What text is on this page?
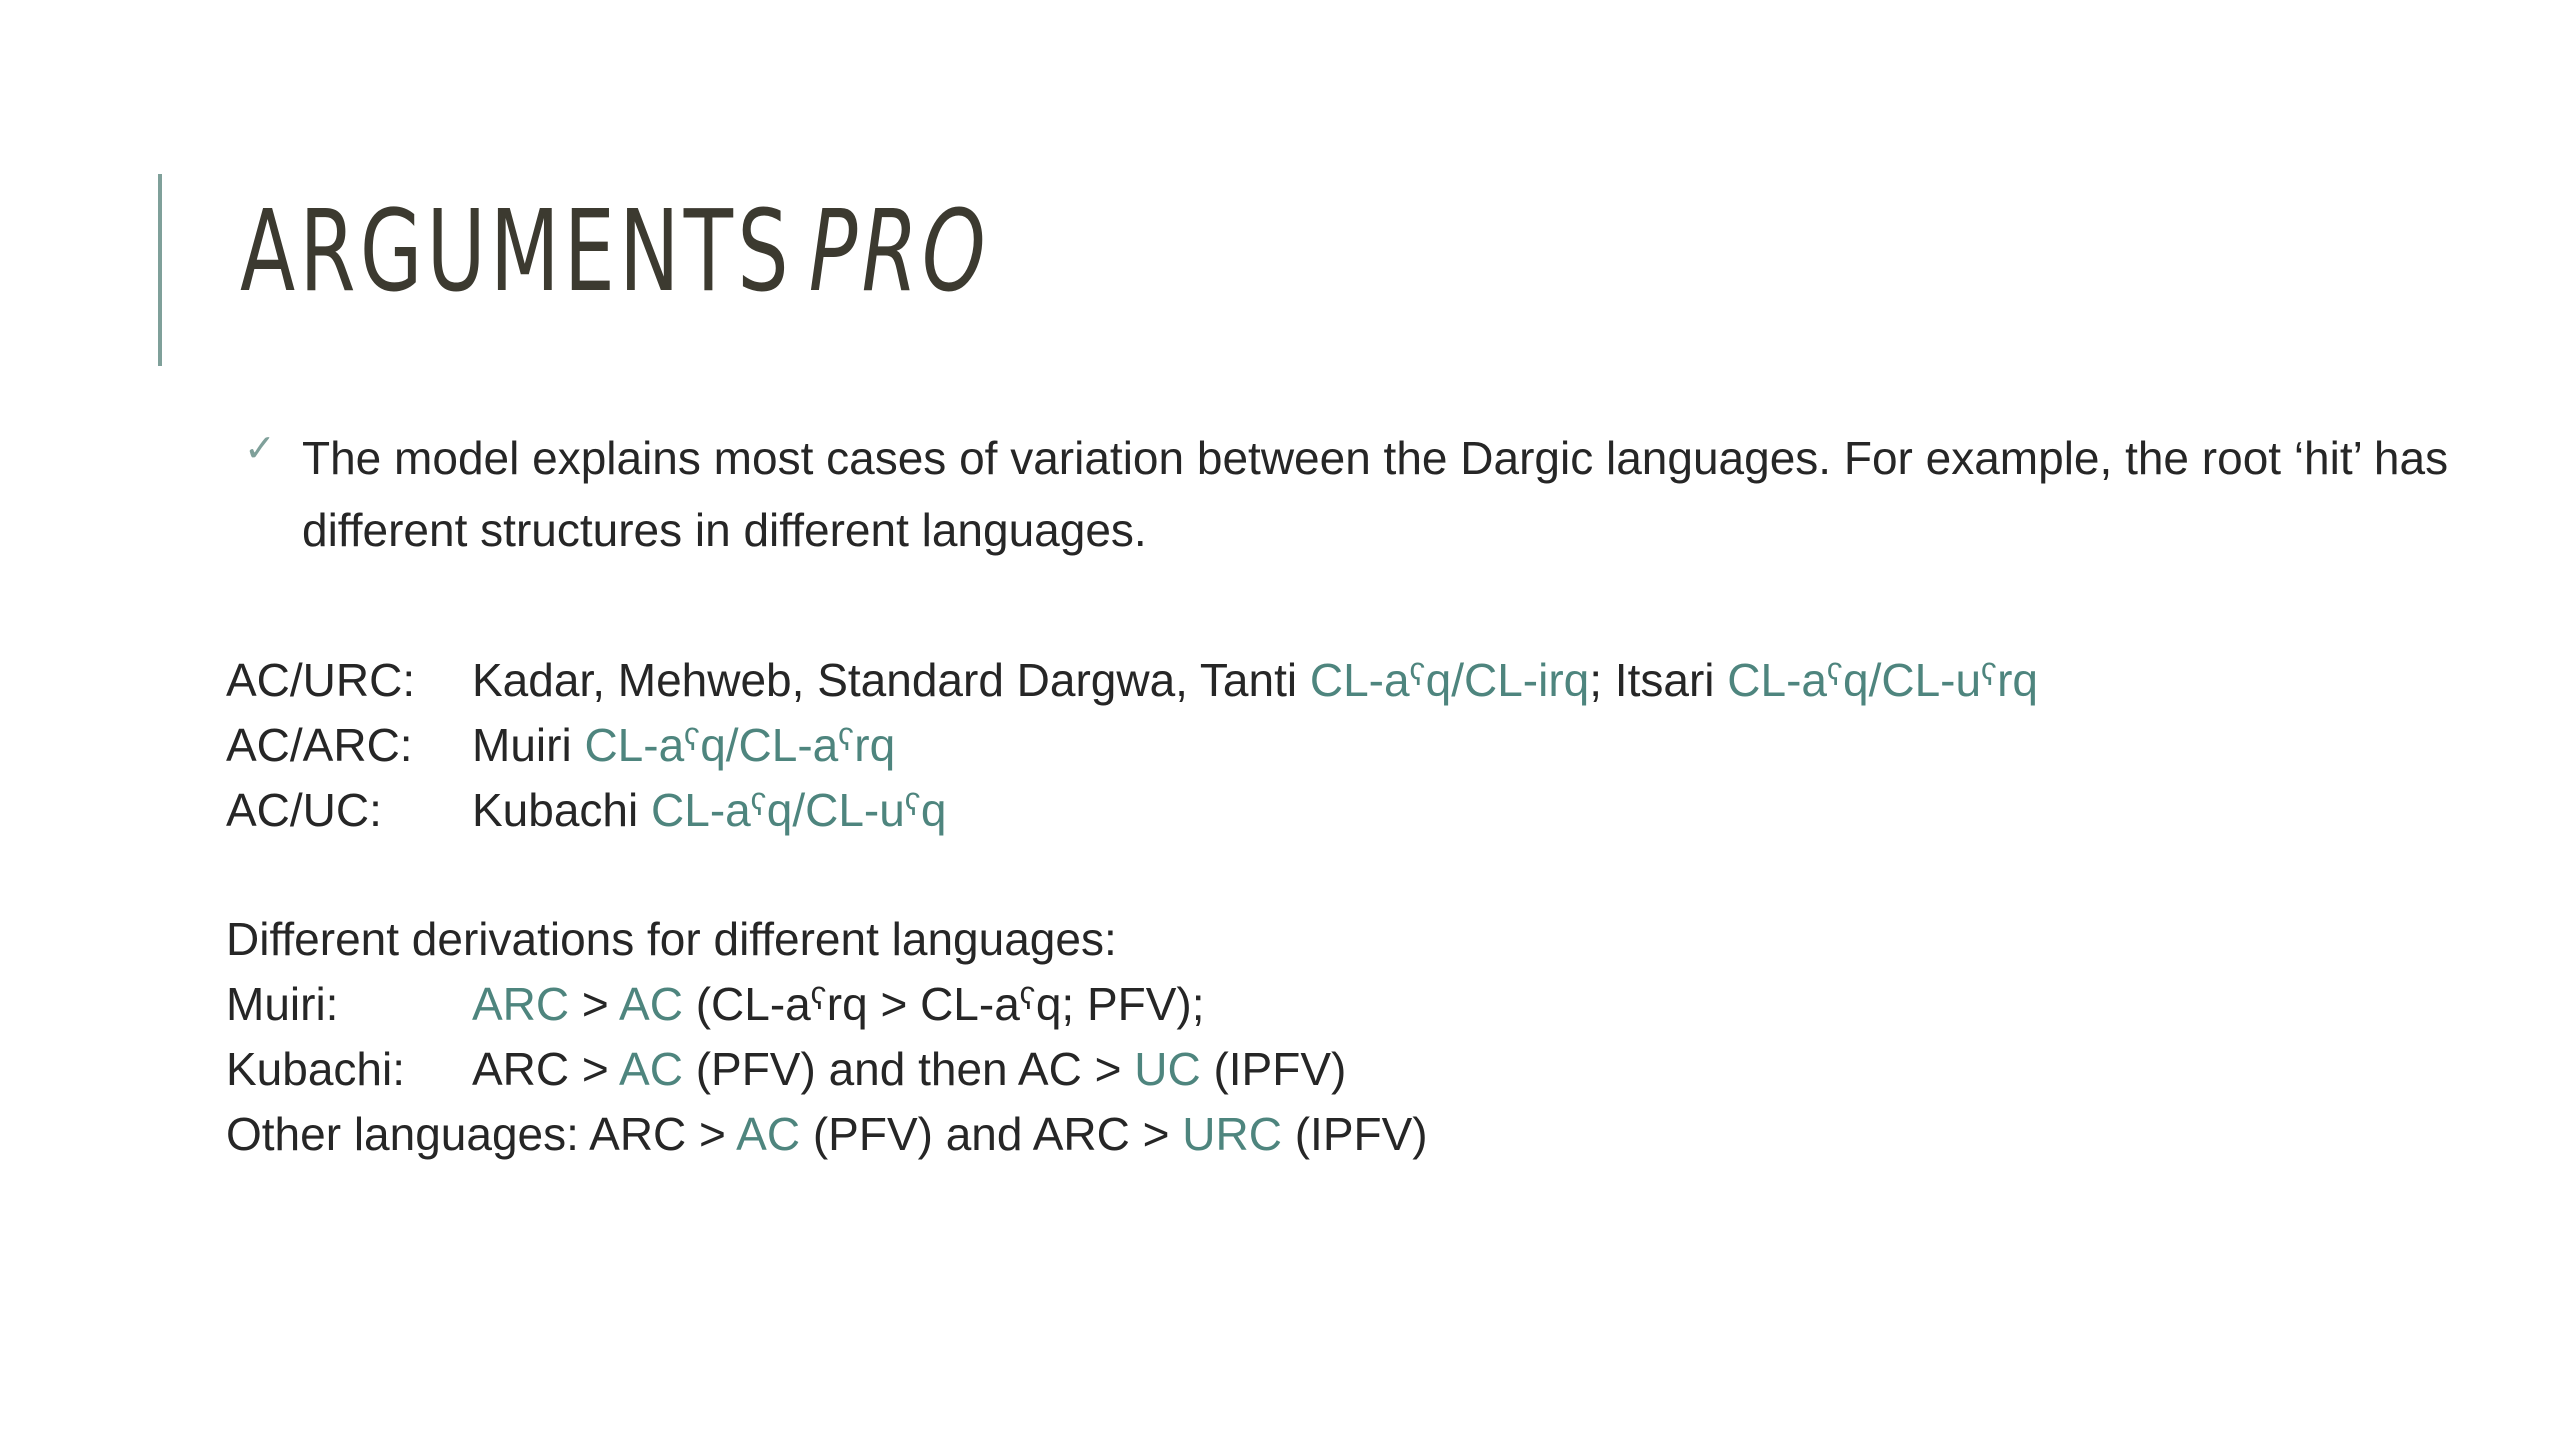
ARGUMENTS PRO
✓ The model explains most cases of variation between the Dargic languages. For example, the root ‘hit’ has different structures in different languages.
AC/URC: Kadar, Mehweb, Standard Dargwa, Tanti CL-aˁq/CL-irq; Itsari CL-aˁq/CL-uˁrq
AC/ARC: Muiri CL-aˁq/CL-aˁrq
AC/UC: Kubachi CL-aˁq/CL-uˁq
Different derivations for different languages:
Muiri:	ARC > AC (CL-aˁrq > CL-aˁq; PFV);
Kubachi: ARC > AC (PFV) and then AC > UC (IPFV)
Other languages: ARC > AC (PFV) and ARC > URC (IPFV)
